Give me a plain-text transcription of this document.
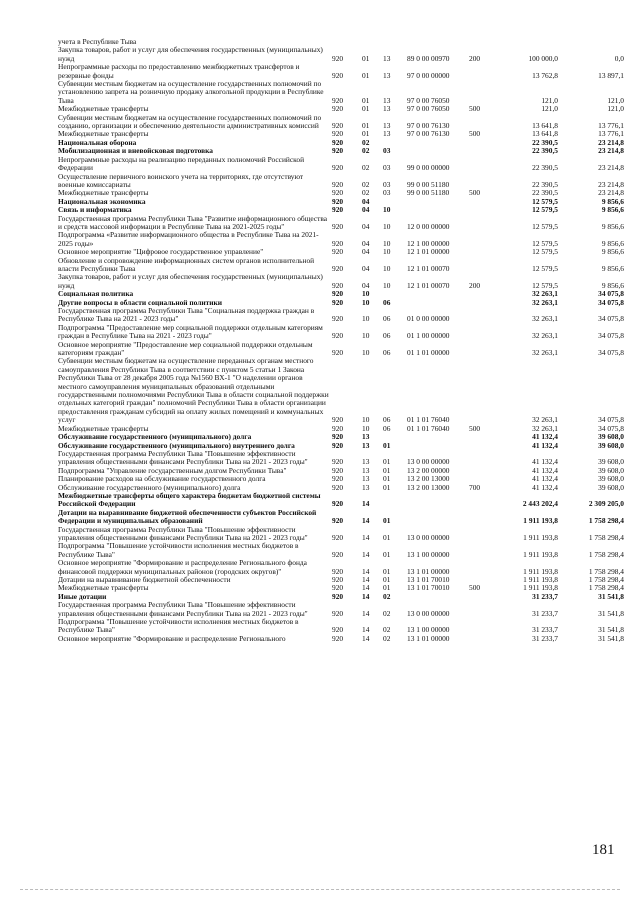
учета в Республике Тыва							
Закупка товаров, работ и услуг для обеспечения государственных (муниципальных) нужд	920	01	13	89 0 00 00970	200	100 000,0	0,0
Непрограммные расходы по предоставлению межбюджетных трансфертов и резервные фонды	920	01	13	97 0 00 00000		13 762,8	13 897,1
Субвенции местным бюджетам на осуществление государственных полномочий по установлению запрета на розничную продажу алкогольной продукции в Республике Тыва	920	01	13	97 0 00 76050		121,0	121,0
Межбюджетные трансферты	920	01	13	97 0 00 76050	500	121,0	121,0
Субвенции местным бюджетам на осуществление государственных полномочий по созданию, организации и обеспечению деятельности административных комиссий	920	01	13	97 0 00 76130		13 641,8	13 776,1
Межбюджетные трансферты	920	01	13	97 0 00 76130	500	13 641,8	13 776,1
Национальная оборона	920	02				22 390,5	23 214,8
Мобилизационная и вневойсковая подготовка	920	02	03			22 390,5	23 214,8
Непрограммные расходы на реализацию переданных полномочий Российской Федерации	920	02	03	99 0 00 00000		22 390,5	23 214,8
Осуществление первичного воинского учета на территориях, где отсутствуют военные комиссариаты	920	02	03	99 0 00 51180		22 390,5	23 214,8
Межбюджетные трансферты	920	02	03	99 0 00 51180	500	22 390,5	23 214,8
Национальная экономика	920	04				12 579,5	9 856,6
Связь и информатика	920	04	10			12 579,5	9 856,6
Государственная программа Республики Тыва "Развитие информационного общества и средств массовой информации в Республике Тыва на 2021-2025 годы"	920	04	10	12 0 00 00000		12 579,5	9 856,6
Подпрограмма «Развитие информационного общества в Республике Тыва на 2021-2025 годы»	920	04	10	12 1 00 00000		12 579,5	9 856,6
Основное мероприятие "Цифровое государственное управление"	920	04	10	12 1 01 00000		12 579,5	9 856,6
Обновление и сопровождение информационных систем органов исполнительной власти Республики Тыва	920	04	10	12 1 01 00070		12 579,5	9 856,6
Закупка товаров, работ и услуг для обеспечения государственных (муниципальных) нужд	920	04	10	12 1 01 00070	200	12 579,5	9 856,6
Социальная политика	920	10				32 263,1	34 075,8
Другие вопросы в области социальной политики	920	10	06			32 263,1	34 075,8
Государственная программа Республики Тыва "Социальная поддержка граждан в Республике Тыва на 2021 - 2023 годы"	920	10	06	01 0 00 00000		32 263,1	34 075,8
Подпрограмма "Предоставление мер социальной поддержки отдельным категориям граждан в Республике Тыва на 2021 - 2023 годы"	920	10	06	01 1 00 00000		32 263,1	34 075,8
Основное мероприятие "Предоставление мер социальной поддержки отдельным категориям граждан"	920	10	06	01 1 01 00000		32 263,1	34 075,8
Субвенции местным бюджетам на осуществление переданных органам местного самоуправления Республики Тыва в соответствии с пунктом 5 статьи 1 Закона Республики Тыва от 28 декабря 2005 года №1560 ВХ-1 "О наделении органов местного самоуправления муниципальных образований отдельными государственными полномочиями Республики Тыва в области социальной поддержки отдельных категорий граждан" полномочий Республики Тыва в области организации предоставления гражданам субсидий на оплату жилых помещений и коммунальных услуг	920	10	06	01 1 01 76040		32 263,1	34 075,8
Межбюджетные трансферты	920	10	06	01 1 01 76040	500	32 263,1	34 075,8
Обслуживание государственного (муниципального) долга	920	13				41 132,4	39 608,0
Обслуживание государственного (муниципального) внутреннего долга	920	13	01			41 132,4	39 608,0
Государственная программа Республики Тыва "Повышение эффективности управления общественными финансами Республики Тыва на 2021 - 2023 годы"	920	13	01	13 0 00 00000		41 132,4	39 608,0
Подпрограмма "Управление государственным долгом Республики Тыва"	920	13	01	13 2 00 00000		41 132,4	39 608,0
Планирование расходов на обслуживание государственного долга	920	13	01	13 2 00 13000		41 132,4	39 608,0
Обслуживание государственного (муниципального) долга	920	13	01	13 2 00 13000	700	41 132,4	39 608,0
Межбюджетные трансферты общего характера бюджетам бюджетной системы Российской Федерации	920	14				2 443 202,4	2 309 205,0
Дотации на выравнивание бюджетной обеспеченности субъектов Российской Федерации и муниципальных образований	920	14	01			1 911 193,8	1 758 298,4
Государственная программа Республики Тыва "Повышение эффективности управления общественными финансами Республики Тыва на 2021 - 2023 годы"	920	14	01	13 0 00 00000		1 911 193,8	1 758 298,4
Подпрограмма "Повышение устойчивости исполнения местных бюджетов в Республике Тыва"	920	14	01	13 1 00 00000		1 911 193,8	1 758 298,4
Основное мероприятие "Формирование и распределение Регионального фонда финансовой поддержки муниципальных районов (городских округов)"	920	14	01	13 1 01 00000		1 911 193,8	1 758 298,4
Дотации на выравнивание бюджетной обеспеченности	920	14	01	13 1 01 70010		1 911 193,8	1 758 298,4
Межбюджетные трансферты	920	14	01	13 1 01 70010	500	1 911 193,8	1 758 298,4
Иные дотации	920	14	02			31 233,7	31 541,8
Государственная программа Республики Тыва "Повышение эффективности управления общественными финансами Республики Тыва на 2021 - 2023 годы"	920	14	02	13 0 00 00000		31 233,7	31 541,8
Подпрограмма "Повышение устойчивости исполнения местных бюджетов в Республике Тыва"	920	14	02	13 1 00 00000		31 233,7	31 541,8
Основное мероприятие "Формирование и распределение Регионального	920	14	02	13 1 01 00000		31 233,7	31 541,8
181
